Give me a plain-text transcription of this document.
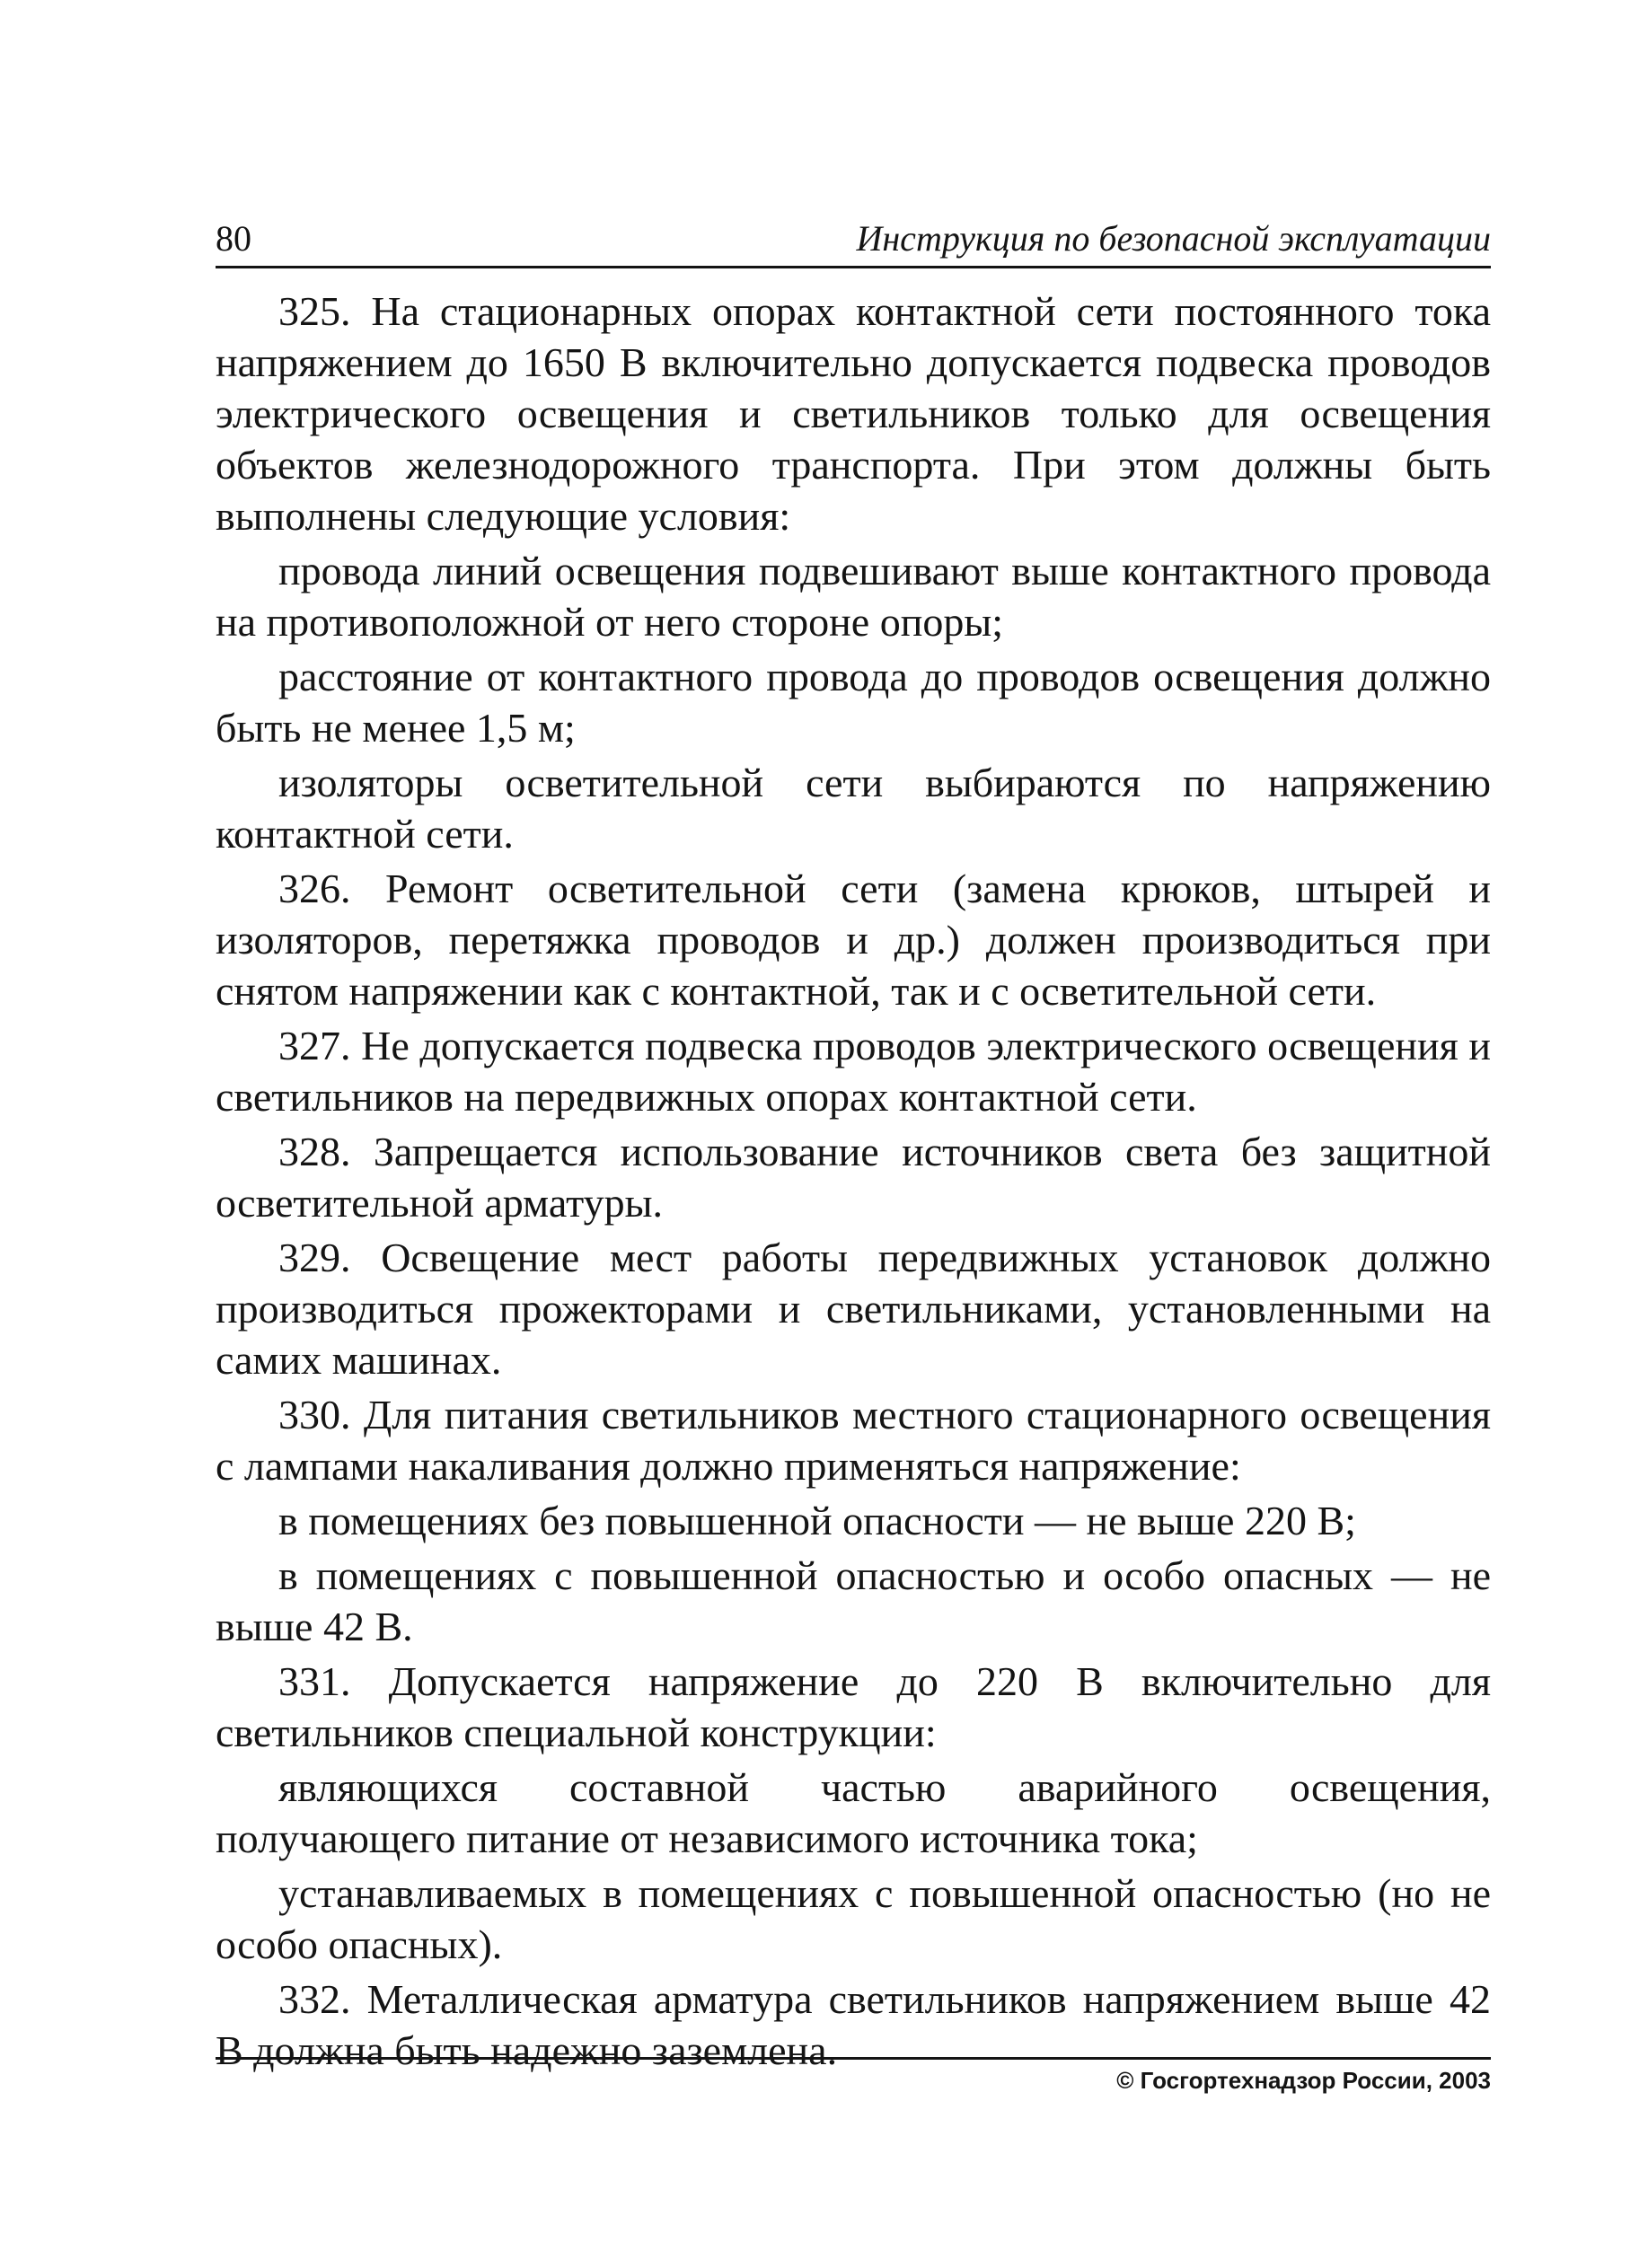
80	Инструкция по безопасной эксплуатации

325. На стационарных опорах контактной сети постоянного тока напряжением до 1650 В включительно допускается подвеска проводов электрического освещения и светильников только для освещения объектов железнодорожного транспорта. При этом должны быть выполнены следующие условия:

провода линий освещения подвешивают выше контактного провода на противоположной от него стороне опоры;

расстояние от контактного провода до проводов освещения должно быть не менее 1,5 м;

изоляторы осветительной сети выбираются по напряжению контактной сети.

326. Ремонт осветительной сети (замена крюков, штырей и изоляторов, перетяжка проводов и др.) должен производиться при снятом напряжении как с контактной, так и с осветительной сети.

327. Не допускается подвеска проводов электрического освещения и светильников на передвижных опорах контактной сети.

328. Запрещается использование источников света без защитной осветительной арматуры.

329. Освещение мест работы передвижных установок должно производиться прожекторами и светильниками, установленными на самих машинах.

330. Для питания светильников местного стационарного освещения с лампами накаливания должно применяться напряжение:

в помещениях без повышенной опасности — не выше 220 В;

в помещениях с повышенной опасностью и особо опасных — не выше 42 В.

331. Допускается напряжение до 220 В включительно для светильников специальной конструкции:

являющихся составной частью аварийного освещения, получающего питание от независимого источника тока;

устанавливаемых в помещениях с повышенной опасностью (но не особо опасных).

332. Металлическая арматура светильников напряжением выше 42 В должна быть надежно заземлена.

© Госгортехнадзор России, 2003
